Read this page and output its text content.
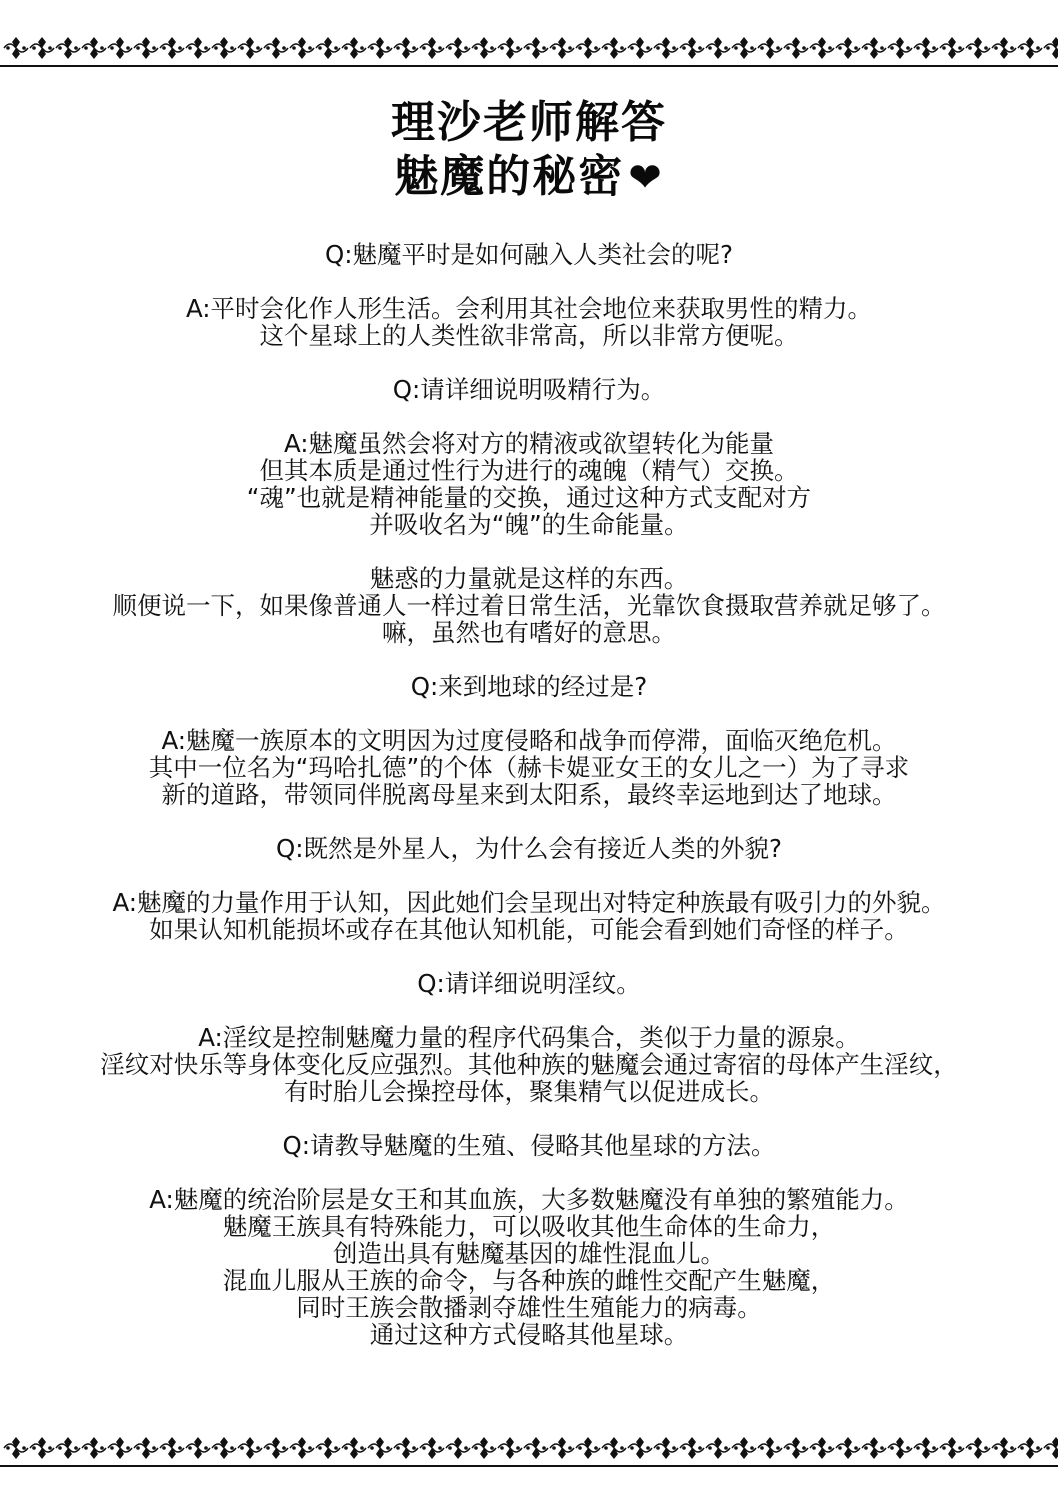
理沙老师解答
魅魔的秘密 ❤
Q:魅魔平时是如何融入人类社会的呢?
A:平时会化作人形生活。会利用其社会地位来获取男性的精力。
这个星球上的人类性欲非常高，所以非常方便呢。
Q:请详细说明吸精行为。
A:魅魔虽然会将对方的精液或欲望转化为能量
但其本质是通过性行为进行的魂魄（精气）交换。
“魂”也就是精神能量的交换，通过这种方式支配对方
并吸收名为“魄”的生命能量。
魅惑的力量就是这样的东西。
顺便说一下，如果像普通人一样过着日常生活，光靠饮食摄取营养就足够了。
嘛，虽然也有嗜好的意思。
Q:来到地球的经过是?
A:魅魔一族原本的文明因为过度侵略和战争而停滞，面临灭绝危机。
其中一位名为“玛哈扎德”的个体（赫卡媞亚女王的女儿之一）为了寻求
新的道路，带领同伴脱离母星来到太阳系，最终幸运地到达了地球。
Q:既然是外星人，为什么会有接近人类的外貌?
A:魅魔的力量作用于认知，因此她们会呈现出对特定种族最有吸引力的外貌。
如果认知机能损坏或存在其他认知机能，可能会看到她们奇怪的样子。
Q:请详细说明淫纹。
A:淫纹是控制魅魔力量的程序代码集合，类似于力量的源泉。
淫纹对快乐等身体变化反应强烈。其他种族的魅魔会通过寄宿的母体产生淫纹，
有时胎儿会操控母体，聚集精气以促进成长。
Q:请教导魅魔的生殖、侵略其他星球的方法。
A:魅魔的统治阶层是女王和其血族，大多数魅魔没有单独的繁殖能力。
魅魔王族具有特殊能力，可以吸收其他生命体的生命力，
创造出具有魅魔基因的雄性混血儿。
混血儿服从王族的命令，与各种族的雌性交配产生魅魔，
同时王族会散播剥夺雄性生殖能力的病毒。
通过这种方式侵略其他星球。
